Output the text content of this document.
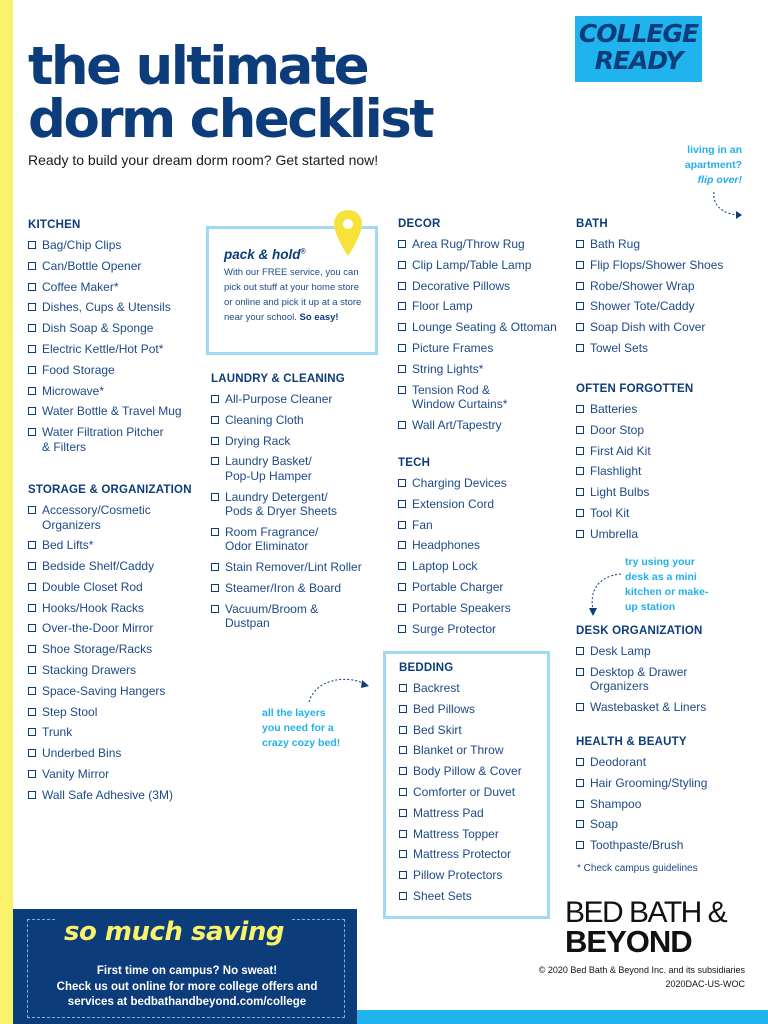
the ultimate
dorm checklist
Ready to build your dream dorm room? Get started now!
COLLEGE
READY
living in an
apartment?
flip over!
KITCHEN
Bag/Chip Clips
Can/Bottle Opener
Coffee Maker*
Dishes, Cups & Utensils
Dish Soap & Sponge
Electric Kettle/Hot Pot*
Food Storage
Microwave*
Water Bottle & Travel Mug
Water Filtration Pitcher
& Filters
STORAGE & ORGANIZATION
Accessory/Cosmetic
Organizers
Bed Lifts*
Bedside Shelf/Caddy
Double Closet Rod
Hooks/Hook Racks
Over-the-Door Mirror
Shoe Storage/Racks
Stacking Drawers
Space-Saving Hangers
Step Stool
Trunk
Underbed Bins
Vanity Mirror
Wall Safe Adhesive (3M)
pack & hold®
With our FREE service, you can pick out stuff at your home store or online and pick it up at a store near your school. So easy!
LAUNDRY & CLEANING
All-Purpose Cleaner
Cleaning Cloth
Drying Rack
Laundry Basket/
Pop-Up Hamper
Laundry Detergent/
Pods & Dryer Sheets
Room Fragrance/
Odor Eliminator
Stain Remover/Lint Roller
Steamer/Iron & Board
Vacuum/Broom &
Dustpan
all the layers
you need for a
crazy cozy bed!
DECOR
Area Rug/Throw Rug
Clip Lamp/Table Lamp
Decorative Pillows
Floor Lamp
Lounge Seating & Ottoman
Picture Frames
String Lights*
Tension Rod &
Window Curtains*
Wall Art/Tapestry
TECH
Charging Devices
Extension Cord
Fan
Headphones
Laptop Lock
Portable Charger
Portable Speakers
Surge Protector
BEDDING
Backrest
Bed Pillows
Bed Skirt
Blanket or Throw
Body Pillow & Cover
Comforter or Duvet
Mattress Pad
Mattress Topper
Mattress Protector
Pillow Protectors
Sheet Sets
BATH
Bath Rug
Flip Flops/Shower Shoes
Robe/Shower Wrap
Shower Tote/Caddy
Soap Dish with Cover
Towel Sets
OFTEN FORGOTTEN
Batteries
Door Stop
First Aid Kit
Flashlight
Light Bulbs
Tool Kit
Umbrella
try using your
desk as a mini
kitchen or make-
up station
DESK ORGANIZATION
Desk Lamp
Desktop & Drawer
Organizers
Wastebasket & Liners
HEALTH & BEAUTY
Deodorant
Hair Grooming/Styling
Shampoo
Soap
Toothpaste/Brush
* Check campus guidelines
so much saving
First time on campus? No sweat!
Check us out online for more college offers and
services at bedbathandbeyond.com/college
BED BATH &
BEYOND
© 2020 Bed Bath & Beyond Inc. and its subsidiaries
2020DAC-US-WOC
